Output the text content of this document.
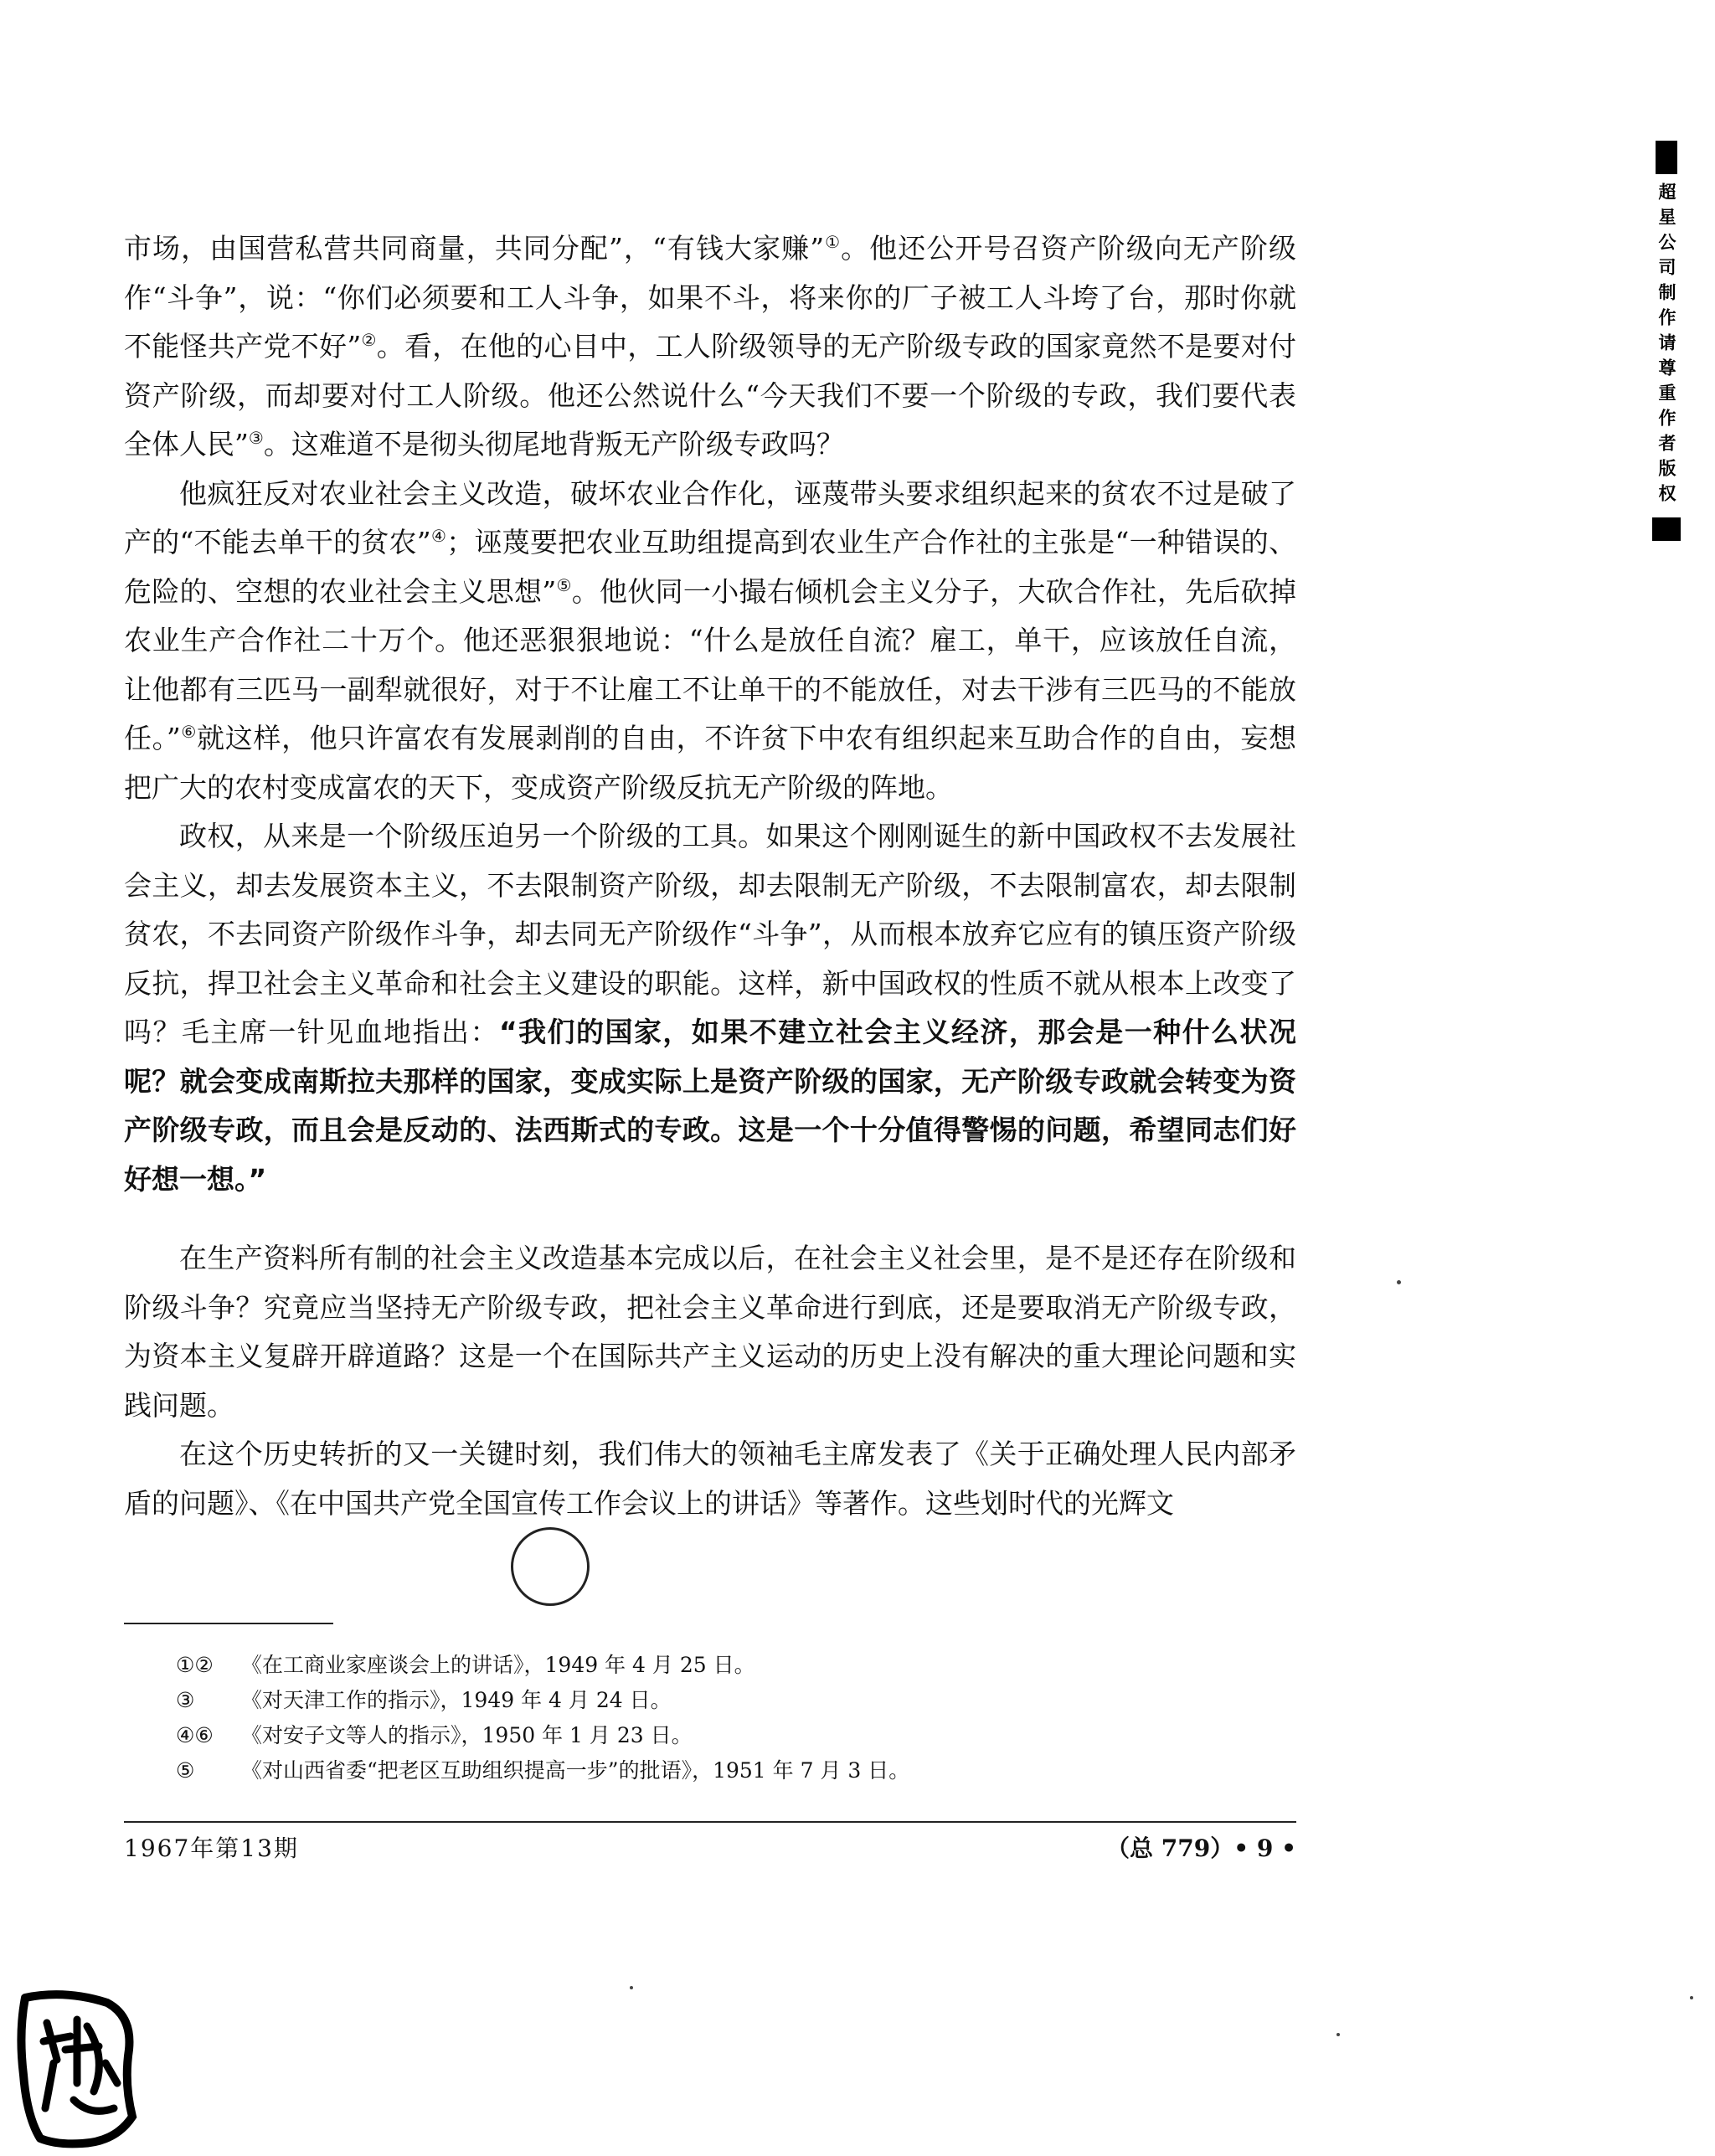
市场，由国营私营共同商量，共同分配”，“有钱大家赚”①。他还公开号召资产阶级向无产阶级作“斗争”，说：“你们必须要和工人斗争，如果不斗，将来你的厂子被工人斗垮了台，那时你就不能怪共产党不好”②。看，在他的心目中，工人阶级领导的无产阶级专政的国家竟然不是要对付资产阶级，而却要对付工人阶级。他还公然说什么“今天我们不要一个阶级的专政，我们要代表全体人民”③。这难道不是彻头彻尾地背叛无产阶级专政吗？

他疯狂反对农业社会主义改造，破坏农业合作化，诬蔑带头要求组织起来的贫农不过是破了产的“不能去单干的贫农”④；诬蔑要把农业互助组提高到农业生产合作社的主张是“一种错误的、危险的、空想的农业社会主义思想”⑤。他伙同一小撮右倾机会主义分子，大砍合作社，先后砍掉农业生产合作社二十万个。他还恶狠狠地说：“什么是放任自流？雇工，单干，应该放任自流，让他都有三匹马一副犁就很好，对于不让雇工不让单干的不能放任，对去干涉有三匹马的不能放任。”⑥就这样，他只许富农有发展剥削的自由，不许贫下中农有组织起来互助合作的自由，妄想把广大的农村变成富农的天下，变成资产阶级反抗无产阶级的阵地。

政权，从来是一个阶级压迫另一个阶级的工具。如果这个刚刚诞生的新中国政权不去发展社会主义，却去发展资本主义，不去限制资产阶级，却去限制无产阶级，不去限制富农，却去限制贫农，不去同资产阶级作斗争，却去同无产阶级作“斗争”，从而根本放弃它应有的镇压资产阶级反抗，捍卫社会主义革命和社会主义建设的职能。这样，新中国政权的性质不就从根本上改变了吗？毛主席一针见血地指出：“我们的国家，如果不建立社会主义经济，那会是一种什么状况呢？就会变成南斯拉夫那样的国家，变成实际上是资产阶级的国家，无产阶级专政就会转变为资产阶级专政，而且会是反动的、法西斯式的专政。这是一个十分值得警惕的问题，希望同志们好好想一想。”

在生产资料所有制的社会主义改造基本完成以后，在社会主义社会里，是不是还存在阶级和阶级斗争？究竟应当坚持无产阶级专政，把社会主义革命进行到底，还是要取消无产阶级专政，为资本主义复辟开辟道路？这是一个在国际共产主义运动的历史上没有解决的重大理论问题和实践问题。

在这个历史转折的又一关键时刻，我们伟大的领袖毛主席发表了《关于正确处理人民内部矛盾的问题》、《在中国共产党全国宣传工作会议上的讲话》等著作。这些划时代的光辉文

①② 《在工商业家座谈会上的讲话》，1949 年 4 月 25 日。
③ 《对天津工作的指示》，1949 年 4 月 24 日。
④⑥ 《对安子文等人的指示》，1950 年 1 月 23 日。
⑤ 《对山西省委“把老区互助组织提高一步”的批语》，1951 年 7 月 3 日。
1967年第13期	（总 779）• 9 •
超星公司制作请尊重作者版权
